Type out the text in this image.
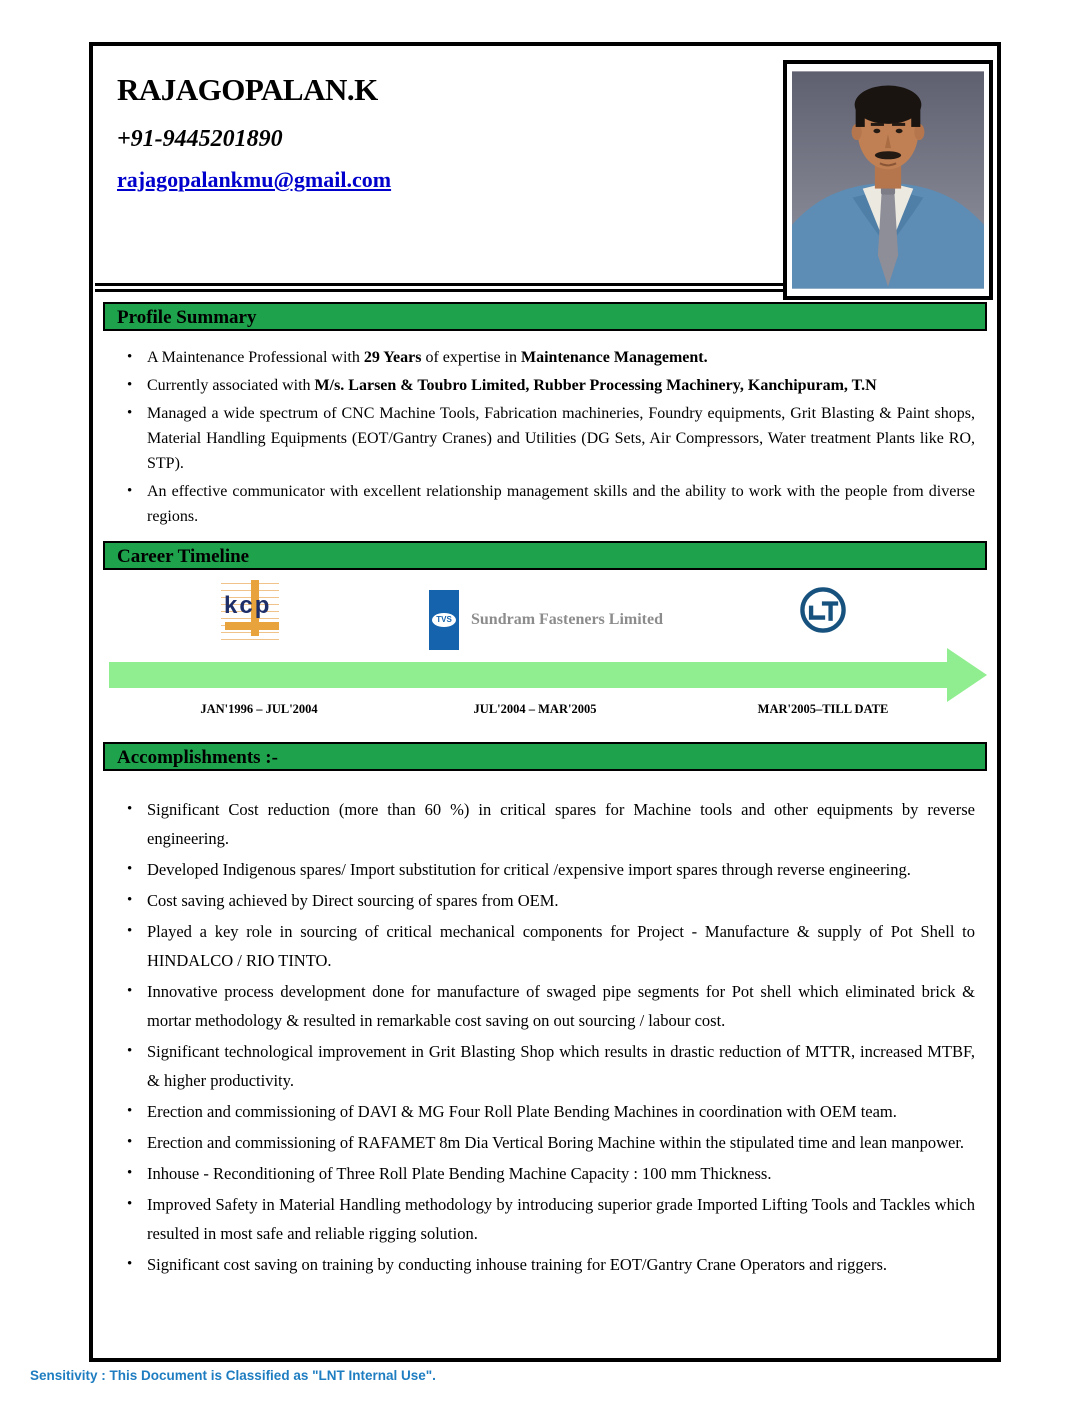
RAJAGOPALAN.K
+91-9445201890
rajagopalankmu@gmail.com
Profile Summary
• A Maintenance Professional with 29 Years of expertise in Maintenance Management.
• Currently associated with M/s. Larsen & Toubro Limited, Rubber Processing Machinery, Kanchipuram, T.N
• Managed a wide spectrum of CNC Machine Tools, Fabrication machineries, Foundry equipments, Grit Blasting & Paint shops, Material Handling Equipments (EOT/Gantry Cranes) and Utilities (DG Sets, Air Compressors, Water treatment Plants like RO, STP).
• An effective communicator with excellent relationship management skills and the ability to work with the people from diverse regions.
Career Timeline
kcp
TVS Sundram Fasteners Limited
JAN'1996 – JUL'2004	JUL'2004 – MAR'2005	MAR'2005–TILL DATE
Accomplishments :-
• Significant Cost reduction (more than 60 %) in critical spares for Machine tools and other equipments by reverse engineering.
• Developed Indigenous spares/ Import substitution for critical /expensive import spares through reverse engineering.
• Cost saving achieved by Direct sourcing of spares from OEM.
• Played a key role in sourcing of critical mechanical components for Project - Manufacture & supply of Pot Shell to HINDALCO / RIO TINTO.
• Innovative process development done for manufacture of swaged pipe segments for Pot shell which eliminated brick & mortar methodology & resulted in remarkable cost saving on out sourcing / labour cost.
• Significant technological improvement in Grit Blasting Shop which results in drastic reduction of MTTR, increased MTBF, & higher productivity.
• Erection and commissioning of DAVI & MG Four Roll Plate Bending Machines in coordination with OEM team.
• Erection and commissioning of RAFAMET 8m Dia Vertical Boring Machine within the stipulated time and lean manpower.
• Inhouse - Reconditioning of Three Roll Plate Bending Machine Capacity : 100 mm Thickness.
• Improved Safety in Material Handling methodology by introducing superior grade Imported Lifting Tools and Tackles which resulted in most safe and reliable rigging solution.
• Significant cost saving on training by conducting inhouse training for EOT/Gantry Crane Operators and riggers.
Sensitivity : This Document is Classified as "LNT Internal Use".
